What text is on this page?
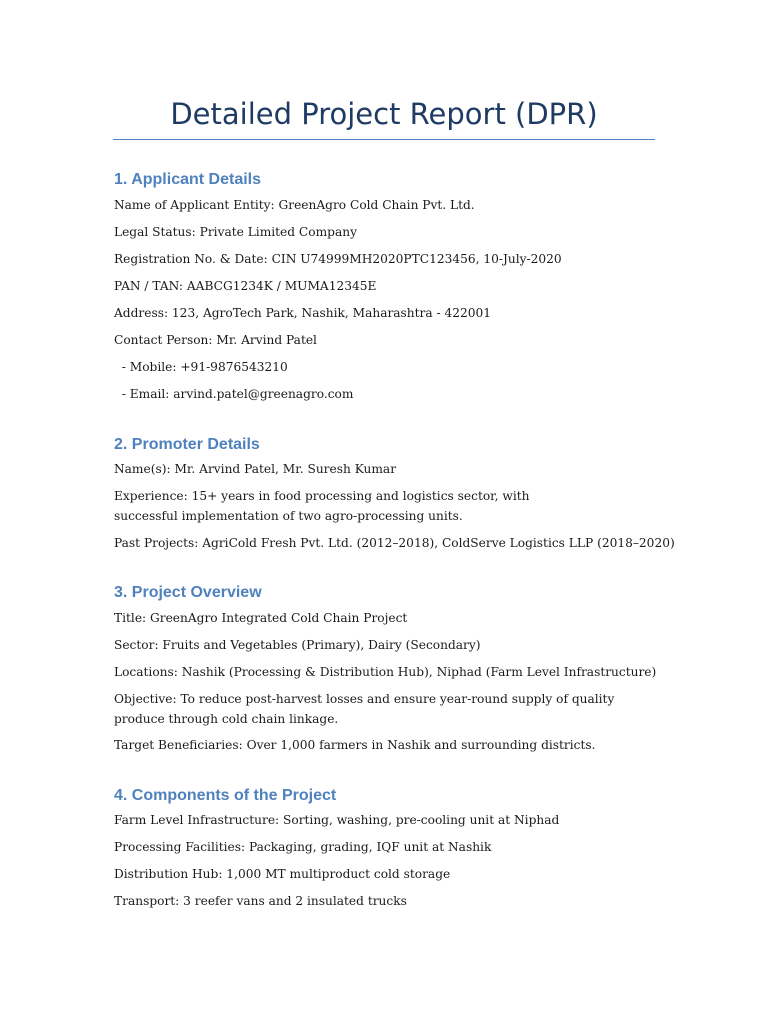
Detailed Project Report (DPR)
1. Applicant Details
Name of Applicant Entity: GreenAgro Cold Chain Pvt. Ltd.
Legal Status: Private Limited Company
Registration No. & Date: CIN U74999MH2020PTC123456, 10-July-2020
PAN / TAN: AABCG1234K / MUMA12345E
Address: 123, AgroTech Park, Nashik, Maharashtra - 422001
Contact Person: Mr. Arvind Patel
- Mobile: +91-9876543210
- Email: arvind.patel@greenagro.com
2. Promoter Details
Name(s): Mr. Arvind Patel, Mr. Suresh Kumar
Experience: 15+ years in food processing and logistics sector, with successful implementation of two agro-processing units.
Past Projects: AgriCold Fresh Pvt. Ltd. (2012–2018), ColdServe Logistics LLP (2018–2020)
3. Project Overview
Title: GreenAgro Integrated Cold Chain Project
Sector: Fruits and Vegetables (Primary), Dairy (Secondary)
Locations: Nashik (Processing & Distribution Hub), Niphad (Farm Level Infrastructure)
Objective: To reduce post-harvest losses and ensure year-round supply of quality produce through cold chain linkage.
Target Beneficiaries: Over 1,000 farmers in Nashik and surrounding districts.
4. Components of the Project
Farm Level Infrastructure: Sorting, washing, pre-cooling unit at Niphad
Processing Facilities: Packaging, grading, IQF unit at Nashik
Distribution Hub: 1,000 MT multiproduct cold storage
Transport: 3 reefer vans and 2 insulated trucks
